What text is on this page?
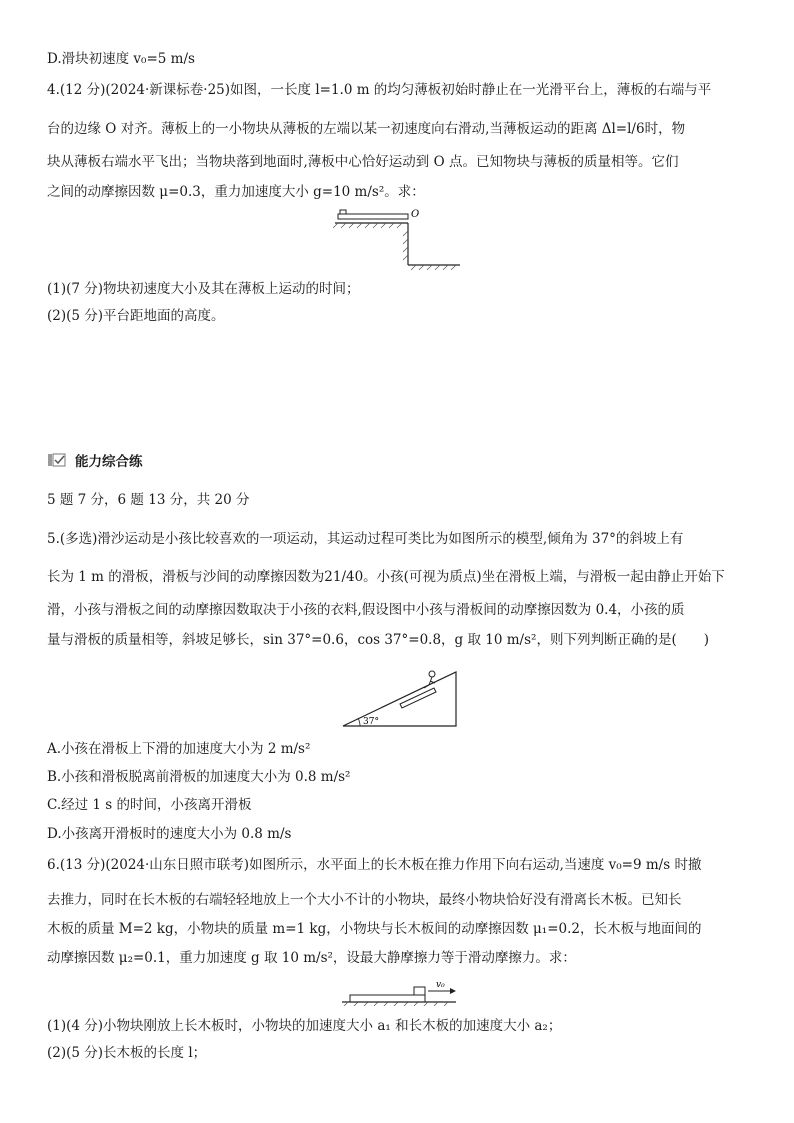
D.滑块初速度 v₀=5 m/s
4.(12 分)(2024·新课标卷·25)如图，一长度 l=1.0 m 的均匀薄板初始时静止在一光滑平台上，薄板的右端与平
台的边缘 O 对齐。薄板上的一小物块从薄板的左端以某一初速度向右滑动,当薄板运动的距离 Δl=l/6时，物
块从薄板右端水平飞出；当物块落到地面时,薄板中心恰好运动到 O 点。已知物块与薄板的质量相等。它们
之间的动摩擦因数 μ=0.3，重力加速度大小 g=10 m/s²。求：
O
(1)(7 分)物块初速度大小及其在薄板上运动的时间；
(2)(5 分)平台距地面的高度。
能力综合练
5 题 7 分，6 题 13 分，共 20 分
5.(多选)滑沙运动是小孩比较喜欢的一项运动，其运动过程可类比为如图所示的模型,倾角为 37°的斜坡上有
长为 1 m 的滑板，滑板与沙间的动摩擦因数为21/40。小孩(可视为质点)坐在滑板上端，与滑板一起由静止开始下
滑，小孩与滑板之间的动摩擦因数取决于小孩的衣料,假设图中小孩与滑板间的动摩擦因数为 0.4，小孩的质
量与滑板的质量相等，斜坡足够长，sin 37°=0.6，cos 37°=0.8，g 取 10 m/s²，则下列判断正确的是(　　)
37°
A.小孩在滑板上下滑的加速度大小为 2 m/s²
B.小孩和滑板脱离前滑板的加速度大小为 0.8 m/s²
C.经过 1 s 的时间，小孩离开滑板
D.小孩离开滑板时的速度大小为 0.8 m/s
6.(13 分)(2024·山东日照市联考)如图所示，水平面上的长木板在推力作用下向右运动,当速度 v₀=9 m/s 时撤
去推力，同时在长木板的右端轻轻地放上一个大小不计的小物块，最终小物块恰好没有滑离长木板。已知长
木板的质量 M=2 kg，小物块的质量 m=1 kg，小物块与长木板间的动摩擦因数 μ₁=0.2，长木板与地面间的
动摩擦因数 μ₂=0.1，重力加速度 g 取 10 m/s²，设最大静摩擦力等于滑动摩擦力。求：
v₀
(1)(4 分)小物块刚放上长木板时，小物块的加速度大小 a₁ 和长木板的加速度大小 a₂；
(2)(5 分)长木板的长度 l；
